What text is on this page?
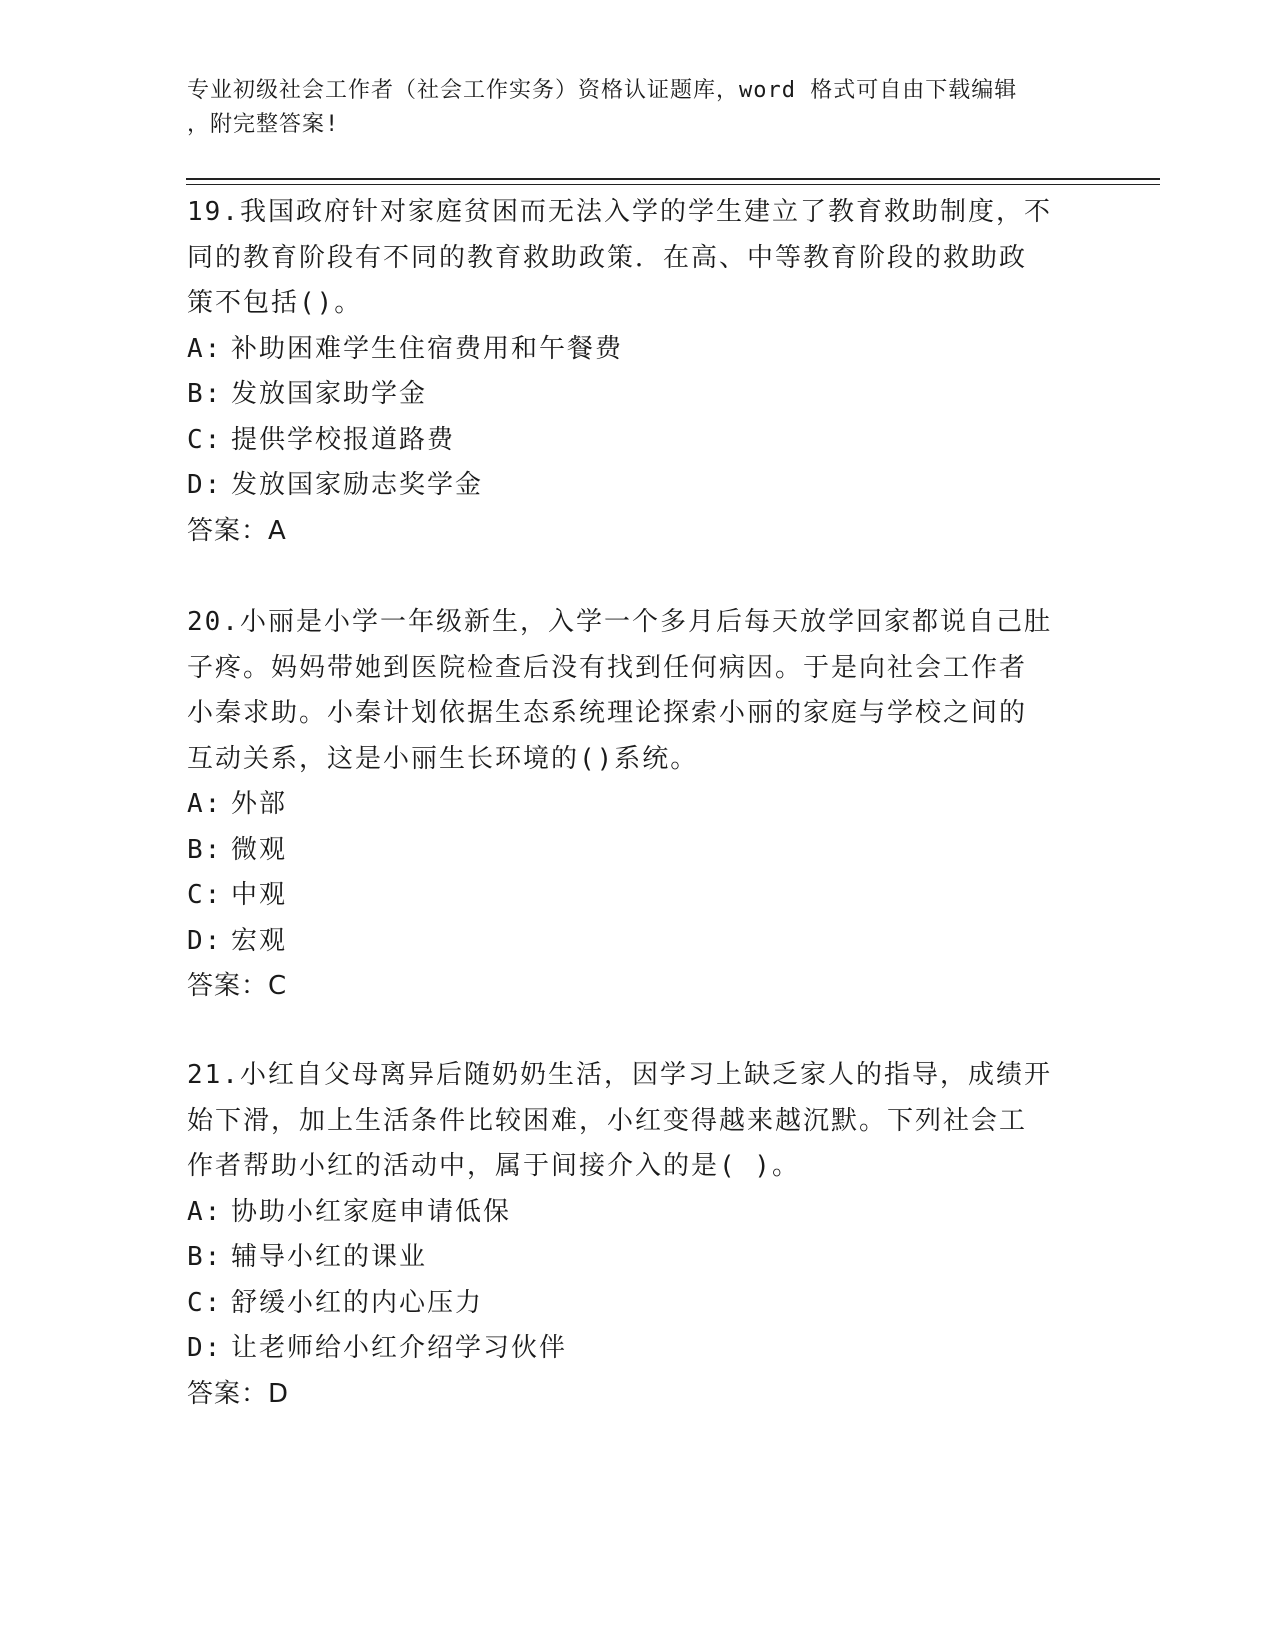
专业初级社会工作者（社会工作实务）资格认证题库，word 格式可自由下载编辑
，附完整答案!

19.我国政府针对家庭贫困而无法入学的学生建立了教育救助制度，不

同的教育阶段有不同的教育救助政策．在高、中等教育阶段的救助政

策不包括()。

A: 补助困难学生住宿费用和午餐费

B: 发放国家助学金

C: 提供学校报道路费

D: 发放国家励志奖学金

答案：A

20.小丽是小学一年级新生，入学一个多月后每天放学回家都说自己肚

子疼。妈妈带她到医院检查后没有找到任何病因。于是向社会工作者

小秦求助。小秦计划依据生态系统理论探索小丽的家庭与学校之间的

互动关系，这是小丽生长环境的()系统。

A: 外部

B: 微观

C: 中观

D: 宏观

答案：C

21.小红自父母离异后随奶奶生活，因学习上缺乏家人的指导，成绩开

始下滑，加上生活条件比较困难，小红变得越来越沉默。下列社会工

作者帮助小红的活动中，属于间接介入的是( )。

A: 协助小红家庭申请低保

B: 辅导小红的课业

C: 舒缓小红的内心压力

D: 让老师给小红介绍学习伙伴

答案：D
